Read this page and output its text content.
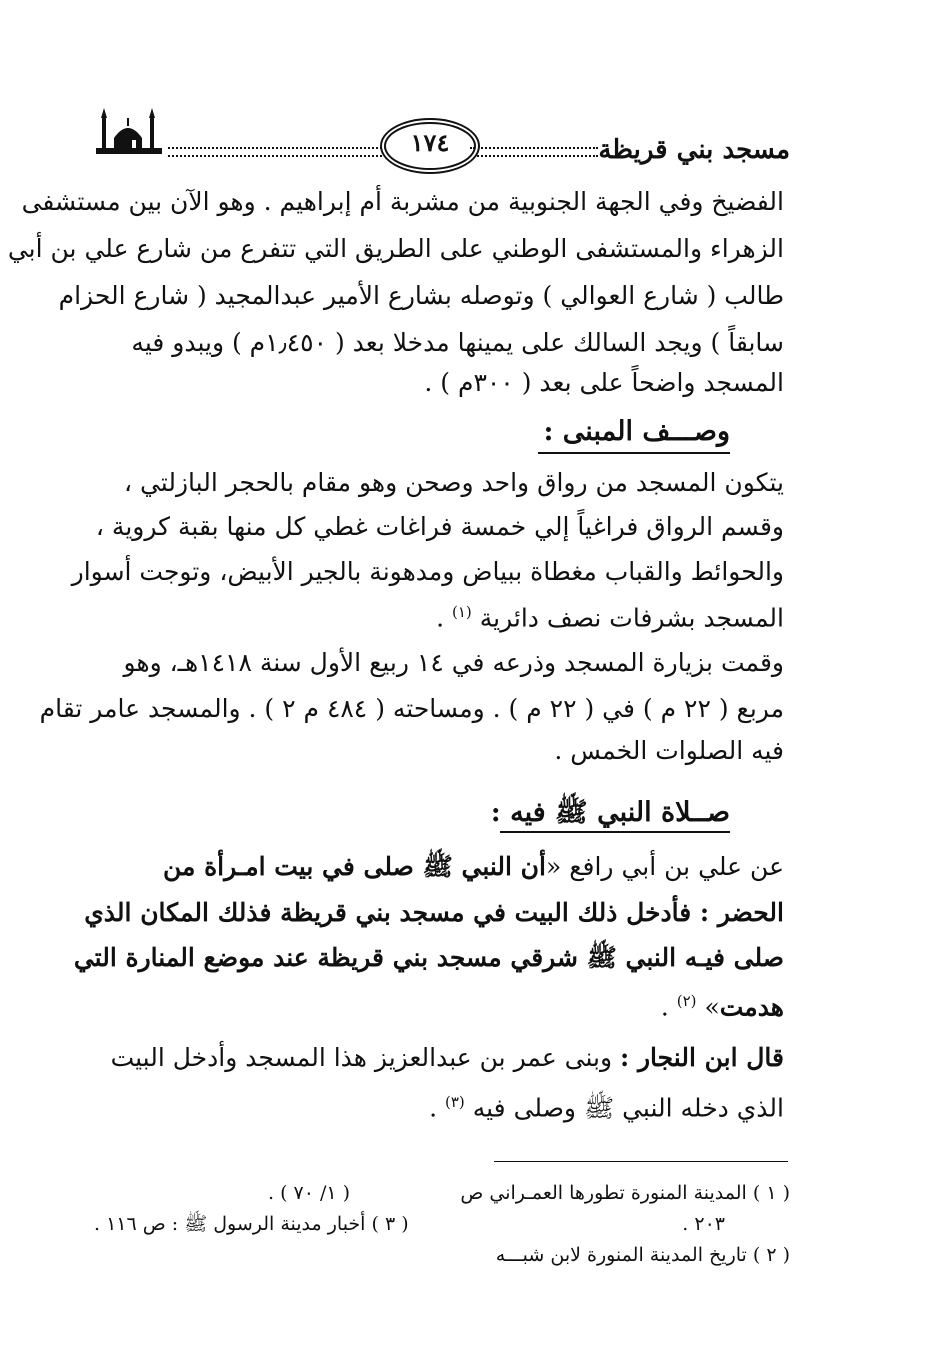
مسجد بني قريظة
١٧٤
الفضيخ وفي الجهة الجنوبية من مشربة أم إبراهيم . وهو الآن بين مستشفى
الزهراء والمستشفى الوطني على الطريق التي تتفرع من شارع علي بن أبي
طالب ( شارع العوالي ) وتوصله بشارع الأمير عبدالمجيد ( شارع الحزام
سابقاً ) ويجد السالك على يمينها مدخلا بعد ( ١٫٤٥٠م ) ويبدو فيه
المسجد واضحاً على بعد ( ٣٠٠م ) .
وصـــف المبنى :
يتكون المسجد من رواق واحد وصحن وهو مقام بالحجر البازلتي ،
وقسم الرواق فراغياً إلي خمسة فراغات غطي كل منها بقبة كروية ،
والحوائط والقباب مغطاة ببياض ومدهونة بالجير الأبيض، وتوجت أسوار
المسجد بشرفات نصف دائرية $^{(١)}$ .
وقمت بزيارة المسجد وذرعه في ١٤ ربيع الأول سنة ١٤١٨هـ، وهو
مربع ( ٢٢ م ) في ( ٢٢ م ) . ومساحته ( ٤٨٤ م ٢ ) . والمسجد عامر تقام
فيه الصلوات الخمس .
صــلاة النبي ﷺ فيه :
عن علي بن أبي رافع «أن النبي ﷺ صلى في بيت امـرأة من
الحضر : فأدخل ذلك البيت في مسجد بني قريظة فذلك المكان الذي
صلى فيـه النبي ﷺ شرقي مسجد بني قريظة عند موضع المنارة التي
هدمت» $^{(٢)}$ .
قال ابن النجار : وبنى عمر بن عبدالعزيز هذا المسجد وأدخل البيت
الذي دخله النبي ﷺ وصلى فيه $^{(٣)}$ .
( ١ ) المدينة المنورة تطورها العمـراني ص
( ١/ ٧٠ ) .
٢٠٣ .
( ٣ ) أخبار مدينة الرسول ﷺ : ص ١١٦ .
( ٢ ) تاريخ المدينة المنورة لابن شبـــه
